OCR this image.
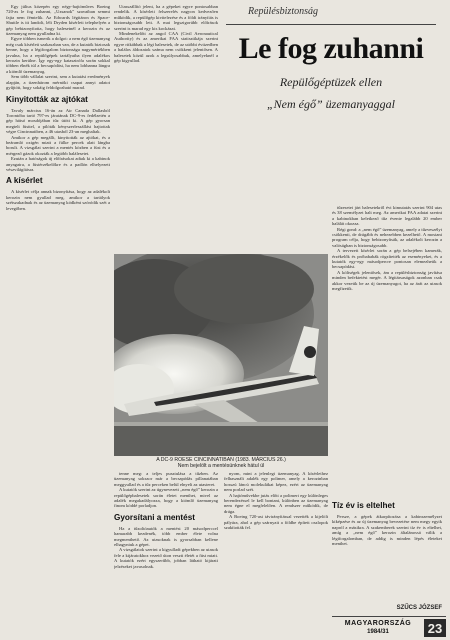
Egy július közepén egy négy-hajtóműves Boeing 720-as le fog zuhanni, „Uzsanok” szavaiban semmi fajta nem fémtelik. Az Edwards légitáron és Space-Shuttle is itt landolt, léli Dryden kísérleti telephelyén a gép bebizonyította, hogy balesetnél a kerozin és az üzemanyag nem gyulladna ki.

Egyre többen ismerik a dolgot: a nem égő üzemanyag még csak kísérleti szakaszban van, de a kutatók biztosak benne, hogy a légiforgalom biztonsága nagymértékben javulna, ha a repülőgépek tartályaiba ilyen adalékos kerozin kerülne. Így egy-egy katasztrófa során sokkal többen élnék túl a becsapódást, ha nem lobbanna lángra a kiömlő üzemanyag.

Sem több vállalat szerint, sem a kutatási eredmények alapján, a tizenhárom mérnöki csapat annyi adatot gyűjtött, hogy sokáig feldolgozható marad.

Kinyitották az ajtókat

Tavaly március 16-án az Air Canada Dallasból Torontóba tartó 797-es járatának DC-9-es fedélzetén a gép hátsó mosdójában tűz ütött ki. A gép gyorsan megtelt füsttel, a pilóták kényszerleszállást hajtottak végre Cincinnatiben, a 46 utasból 23-an meghaltak.

Amikor a gép megállt, kinyitották az ajtókat, és a beáramló oxigén miatt a fülke percek alatt lángba borult. A vizsgálat szerint a mentés közben a füst és a mérgező gázok okozták a legtöbb halálesetet.

Ezután a hatóságok új előírásokat adtak ki a kabinok anyagaira, a füstérzékelőkre és a padlón elhelyezett vészvilágításra.

A kísérlet

A kísérlet célja annak bizonyítása, hogy az adalékolt kerozin nem gyullad meg, amikor a tartályok szétszakadnak és az üzemanyag ködként szóródik szét a levegőben.

Utasszállító jelent, ha a gépeket egyre pontosabban rendelik. A kísérleti felszerelés nagyon kedvezően működik, a repülőgép kivitelezése és a földi irányítás is biztonságosabb lett. A mai legszigorúbb előírások szerint is marad egy kis kockázat.

Mindenekelőtt az angol CAA (Civil Aeronautical Authority) és az amerikai FAA statisztikája szerint egyre ritkábbak a légi balesetek, de az utóbbi évtizedben a halálos áldozatok száma nem csökkent jelentősen. A balesetek közül azok a legsúlyosabbak, amelyeknél a gép kigyullad.

Repülésbiztonság
Le fog zuhanni
Repülőgéptüzek ellen
„Nem égő” üzemanyaggal

tűzesetei járt balesetekről évi kimutatás szerint 904 utas és 38 személyzet halt meg. Az amerikai FAA adatai szerint a kabinokban keletkező tűz évente legalább 20 ember halálát okozza.

Régi gond: a „nem égő” üzemanyag, amely a tűzveszélyt csökkenti, de drágább és nehezebben kezelhető. A mostani program célja, hogy bebizonyítsák, az adalékolt kerozin a valóságban is biztonságosabb.

A tervezett kísérlet során a gép belsejében kamerák, érzékelők és próbababák rögzítették az eseményeket, és a kutatók egy-egy másodpercre pontosan elemezhetik a becsapódást.

A költségek jelentősek, ám a repülésbiztonság javítása minden befektetést megér. A légitársaságok azonban csak akkor vezetik be az új üzemanyagot, ha az árát az utasok megfizetik.

Tíz év is eltelhet

Persze, a gépek átkarpítozása a kabinszemélyzet kiképzése és az új üzemanyag bevezetése nem megy egyik napról a másikra. A szakemberek szerint tíz év is eltelhet, amíg a „nem égő” kerozin általánossá válik a légiforgalomban, de addig is minden lépés életeket menthet.

A DC-9 ROESE CINCINNATIBAN (1983. MÁRCIUS 26.)
Nem bejelölt a mentésünknek hátul ül

tenne meg: a teljes pusztulása a tűzben. Az üzemanyag sokszor már a becsapódás pillanatában meggyullad és a tűz perceken belül elnyeli az utasteret.

A kutatók szerint az úgynevezett „nem égő” kerozin a repülőgépbalesetek során életet menthet, mivel az adalék megakadályozza, hogy a kiömlő üzemanyag finom köddé porladjon.

Gyorsítani a mentést

Ha a tűzoltóautók a mentést 20 másodperccel hamarabb kezdenék, több ember élete volna megmenthető. Az utasoknak is gyorsabban kellene elhagyniuk a gépet.

A vizsgálatok szerint a kigyulladt gépekben az utasok fele a kijáratokhoz vezető úton veszti életét a füst miatt. A kutatók ezért egyszerűbb, jobban látható kijárati jelzéseket javasolnak.

nyom, mint a jelenlegi üzemanyag. A kísérlethez felhasznált adalék egy polimer, amely a kerozinban hosszú láncú molekulákat képez, ezért az üzemanyag nem porlad szét.

A hajtóművekbe jutás előtt a polimert egy különleges berendezéssel le kell bontani, különben az üzemanyag nem égne el megfelelően. A rendszer működik, de drága.

A Boeing 720-ast távirányítással vezették a kijelölt pályára, ahol a gép szárnyait a földbe épített oszlopok szakították fel.

SZŰCS JÓZSEF
MAGYARORSZÁG
1984/31	23
